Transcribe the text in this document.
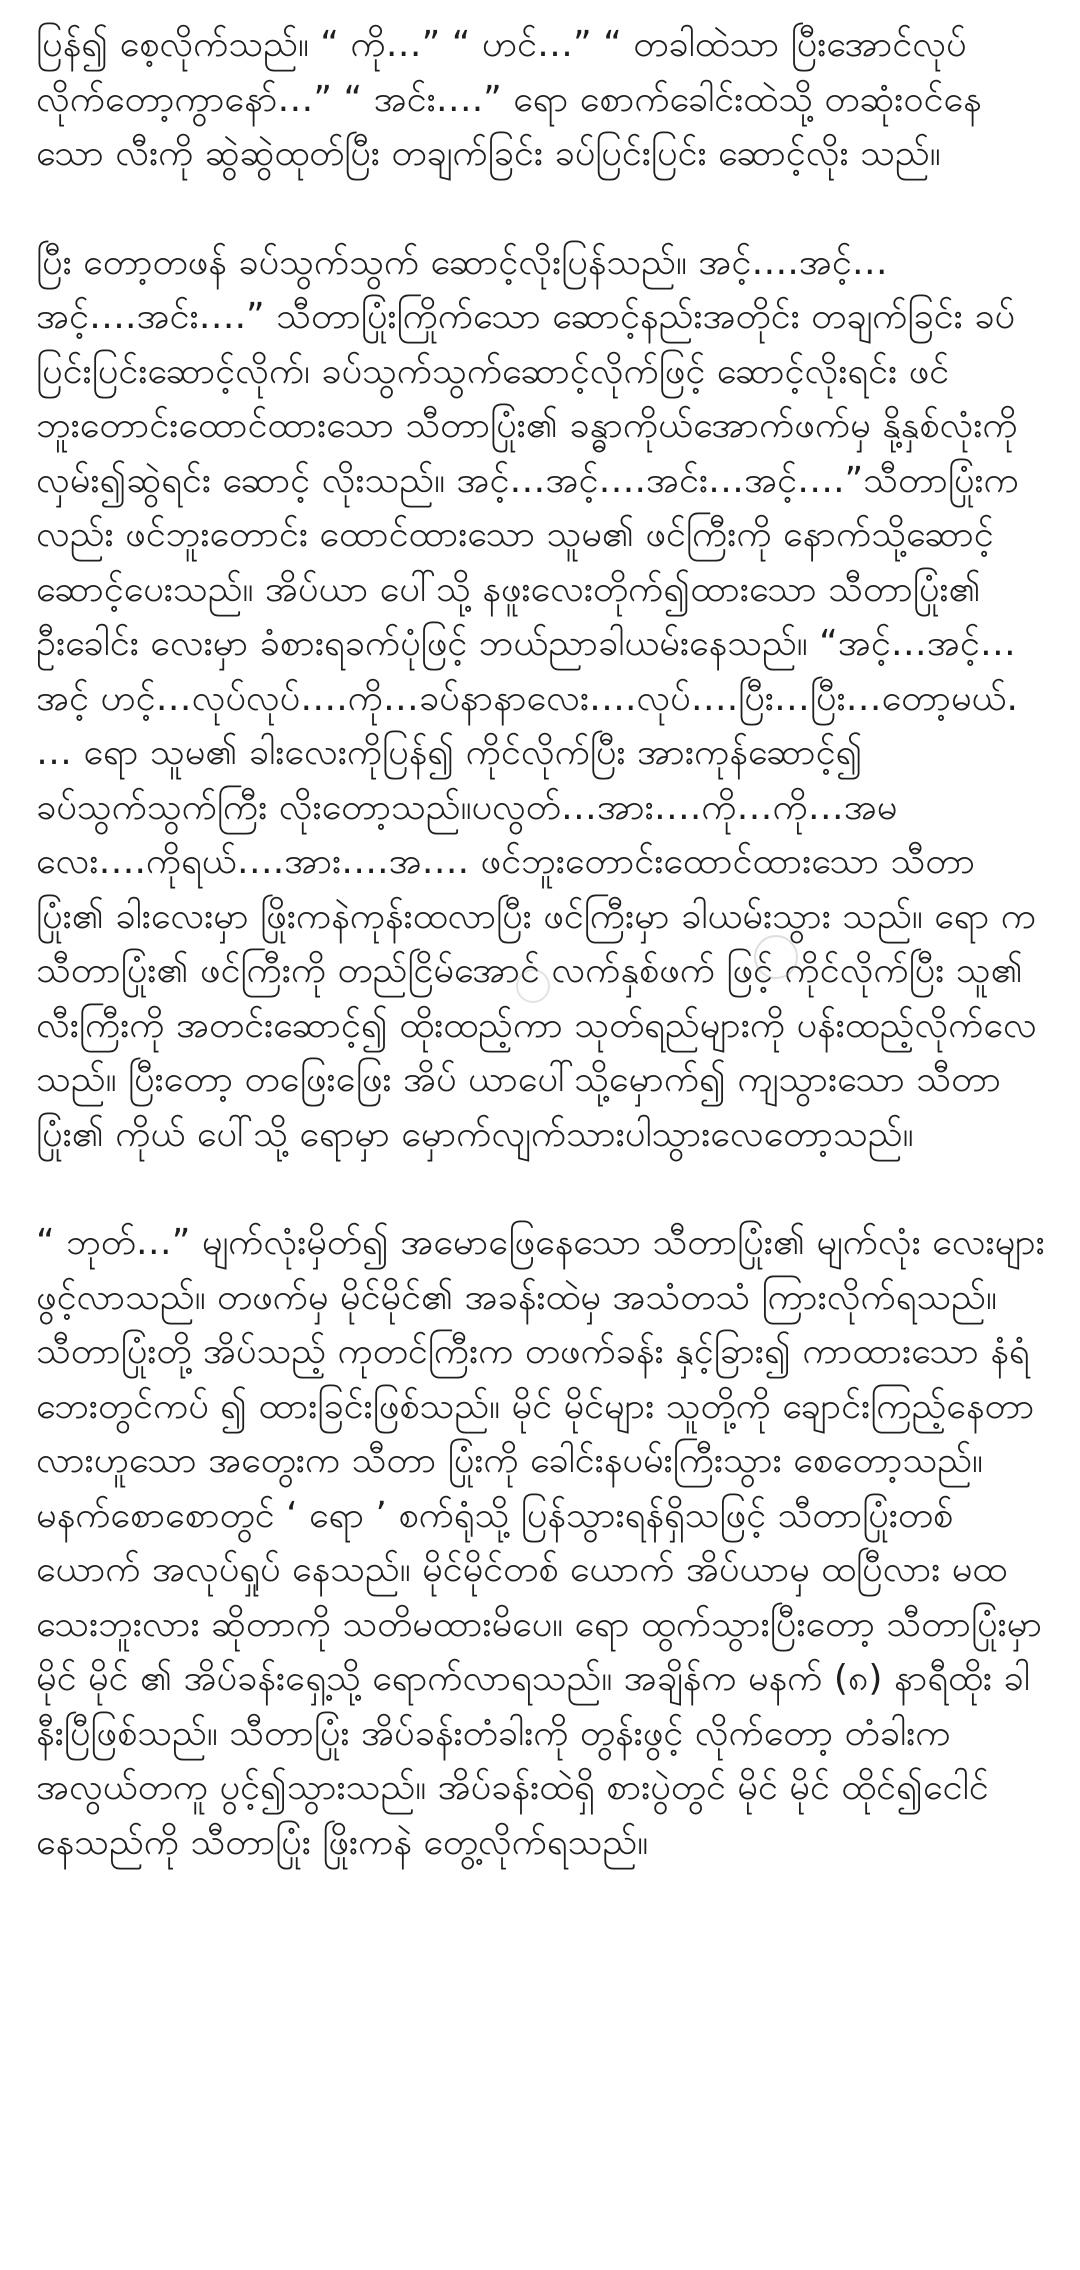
ပြန်၍ စေ့လိုက်သည်။ “ ကို…” “ ဟင်…” “ တခါထဲသာ ပြီးအောင်လုပ် လိုက်တော့ကွာနော်…” “ အင်း….” ရော စောက်ခေါင်းထဲသို့ တဆုံးဝင်နေ သော လီးကို ဆွဲဆွဲထုတ်ပြီး တချက်ခြင်း ခပ်ပြင်းပြင်း ဆောင့်လိုး သည်။

ပြီး တော့တဖန် ခပ်သွက်သွက် ဆောင့်လိုးပြန်သည်။ အင့်….အင့်…အင့်….အင်း….” သီတာပြုံးကြိုက်သော ဆောင့်နည်းအတိုင်း တချက်ခြင်း ခပ်ပြင်းပြင်းဆောင့်လိုက်၊ ခပ်သွက်သွက်ဆောင့်လိုက်ဖြင့် ဆောင့်လိုးရင်း ဖင်ဘူးတောင်းထောင်ထားသော သီတာပြုံး၏ ခန္ဓာကိုယ်အောက်ဖက်မှ နို့နှစ်လုံးကို လှမ်း၍ဆွဲရင်း ဆောင့် လိုးသည်။ အင့်…အင့်….အင်း…အင့်….”သီတာပြုံးကလည်း ဖင်ဘူးတောင်း ထောင်ထားသော သူမ၏ ဖင်ကြီးကို နောက်သို့ဆောင့်ဆောင့်ပေးသည်။ အိပ်ယာ ပေါ်သို့ နဖူးလေးတိုက်၍ထားသော သီတာပြုံး၏ ဦးခေါင်း လေးမှာ ခံစားရခက်ပုံဖြင့် ဘယ်ညာခါယမ်းနေသည်။ “အင့်…အင့်…အင့် ဟင့်…လုပ်လုပ်….ကို…ခပ်နာနာလေး….လုပ်….ပြီး…ပြီး…တော့မယ်. … ရော သူမ၏ ခါးလေးကိုပြန်၍ ကိုင်လိုက်ပြီး အားကုန်ဆောင့်၍ ခပ်သွက်သွက်ကြီး လိုးတော့သည်။ပလွတ်…အား….ကို…ကို…အမ လေး….ကိုရယ်….အား….အ…. ဖင်ဘူးတောင်းထောင်ထားသော သီတာ ပြုံး၏ ခါးလေးမှာ ဖြိုးကနဲကုန်းထလာပြီး ဖင်ကြီးမှာ ခါယမ်းသွား သည်။ ရော က သီတာပြုံး၏ ဖင်ကြီးကို တည်ငြိမ်အောင် လက်နှစ်ဖက် ဖြင့် ကိုင်လိုက်ပြီး သူ၏ လီးကြီးကို အတင်းဆောင့်၍ ထိုးထည့်ကာ သုတ်ရည်များကို ပန်းထည့်လိုက်လေသည်။ ပြီးတော့ တဖြေးဖြေး အိပ် ယာပေါ်သို့မှောက်၍ ကျသွားသော သီတာပြုံး၏ ကိုယ် ပေါ်သို့ ရောမှာ မှောက်လျက်သားပါသွားလေတော့သည်။

“ ဘုတ်…” မျက်လုံးမှိတ်၍ အမောဖြေနေသော သီတာပြုံး၏ မျက်လုံး လေးများ ဖွင့်လာသည်။ တဖက်မှ မိုင်မိုင်၏ အခန်းထဲမှ အသံတသံ ကြားလိုက်ရသည်။ သီတာပြုံးတို့ အိပ်သည့် ကုတင်ကြီးက တဖက်ခန်း နှင့်ခြား၍ ကာထားသော နံရံဘေးတွင်ကပ် ၍ ထားခြင်းဖြစ်သည်။ မိုင် မိုင်များ သူတို့ကို ချောင်းကြည့်နေတာလားဟူသော အတွေးက သီတာ ပြုံးကို ခေါင်းနပမ်းကြီးသွား စေတော့သည်။ မနက်စောစောတွင် ‘ ရော ’ စက်ရုံသို့ ပြန်သွားရန်ရှိသဖြင့် သီတာပြုံးတစ်ယောက် အလုပ်ရှုပ် နေသည်။ မိုင်မိုင်တစ် ယောက် အိပ်ယာမှ ထပြီလား မထသေးဘူးလား ဆိုတာကို သတိမထားမိပေ။ ရော ထွက်သွားပြီးတော့ သီတာပြုံးမှာ မိုင် မိုင် ၏ အိပ်ခန်းရှေ့သို့ ရောက်လာရသည်။ အချိန်က မနက် (၈) နာရီထိုး ခါနီးပြီဖြစ်သည်။ သီတာပြုံး အိပ်ခန်းတံခါးကို တွန်းဖွင့် လိုက်တော့ တံခါးက အလွယ်တကူ ပွင့်၍သွားသည်။ အိပ်ခန်းထဲရှိ စားပွဲတွင် မိုင် မိုင် ထိုင်၍ငေါင်နေသည်ကို သီတာပြုံး ဖြိုးကနဲ တွေ့လိုက်ရသည်။
